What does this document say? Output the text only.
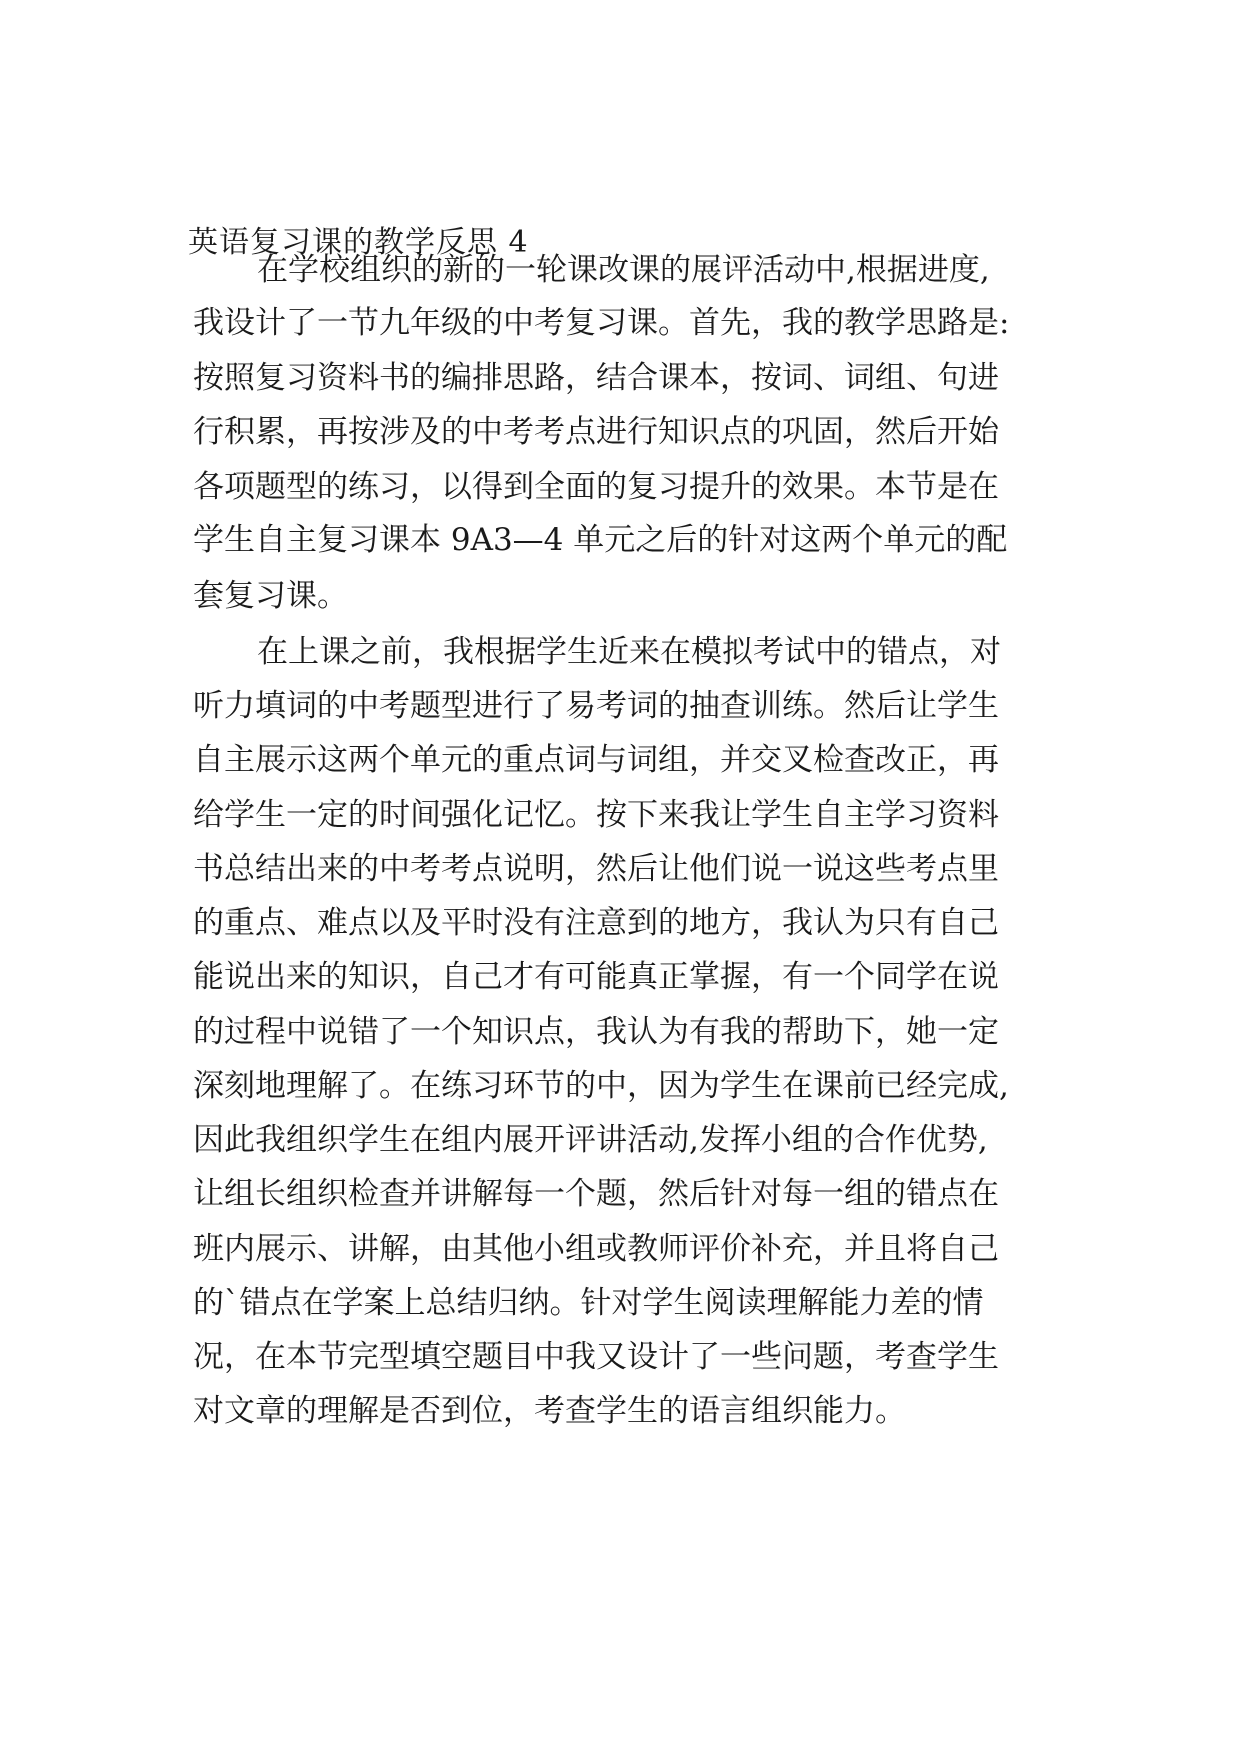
英语复习课的教学反思 4
在学校组织的新的一轮课改课的展评活动中,根据进度,
我设计了一节九年级的中考复习课。首先，我的教学思路是:
按照复习资料书的编排思路，结合课本，按词、词组、句进
行积累，再按涉及的中考考点进行知识点的巩固，然后开始
各项题型的练习，以得到全面的复习提升的效果。本节是在
学生自主复习课本 9A3—4 单元之后的针对这两个单元的配
套复习课。
在上课之前，我根据学生近来在模拟考试中的错点，对
听力填词的中考题型进行了易考词的抽查训练。然后让学生
自主展示这两个单元的重点词与词组，并交叉检查改正，再
给学生一定的时间强化记忆。按下来我让学生自主学习资料
书总结出来的中考考点说明，然后让他们说一说这些考点里
的重点、难点以及平时没有注意到的地方，我认为只有自己
能说出来的知识，自己才有可能真正掌握，有一个同学在说
的过程中说错了一个知识点，我认为有我的帮助下，她一定
深刻地理解了。在练习环节的中，因为学生在课前已经完成,
因此我组织学生在组内展开评讲活动,发挥小组的合作优势,
让组长组织检查并讲解每一个题，然后针对每一组的错点在
班内展示、讲解，由其他小组或教师评价补充，并且将自己
的`错点在学案上总结归纳。针对学生阅读理解能力差的情
况，在本节完型填空题目中我又设计了一些问题，考查学生
对文章的理解是否到位，考查学生的语言组织能力。
